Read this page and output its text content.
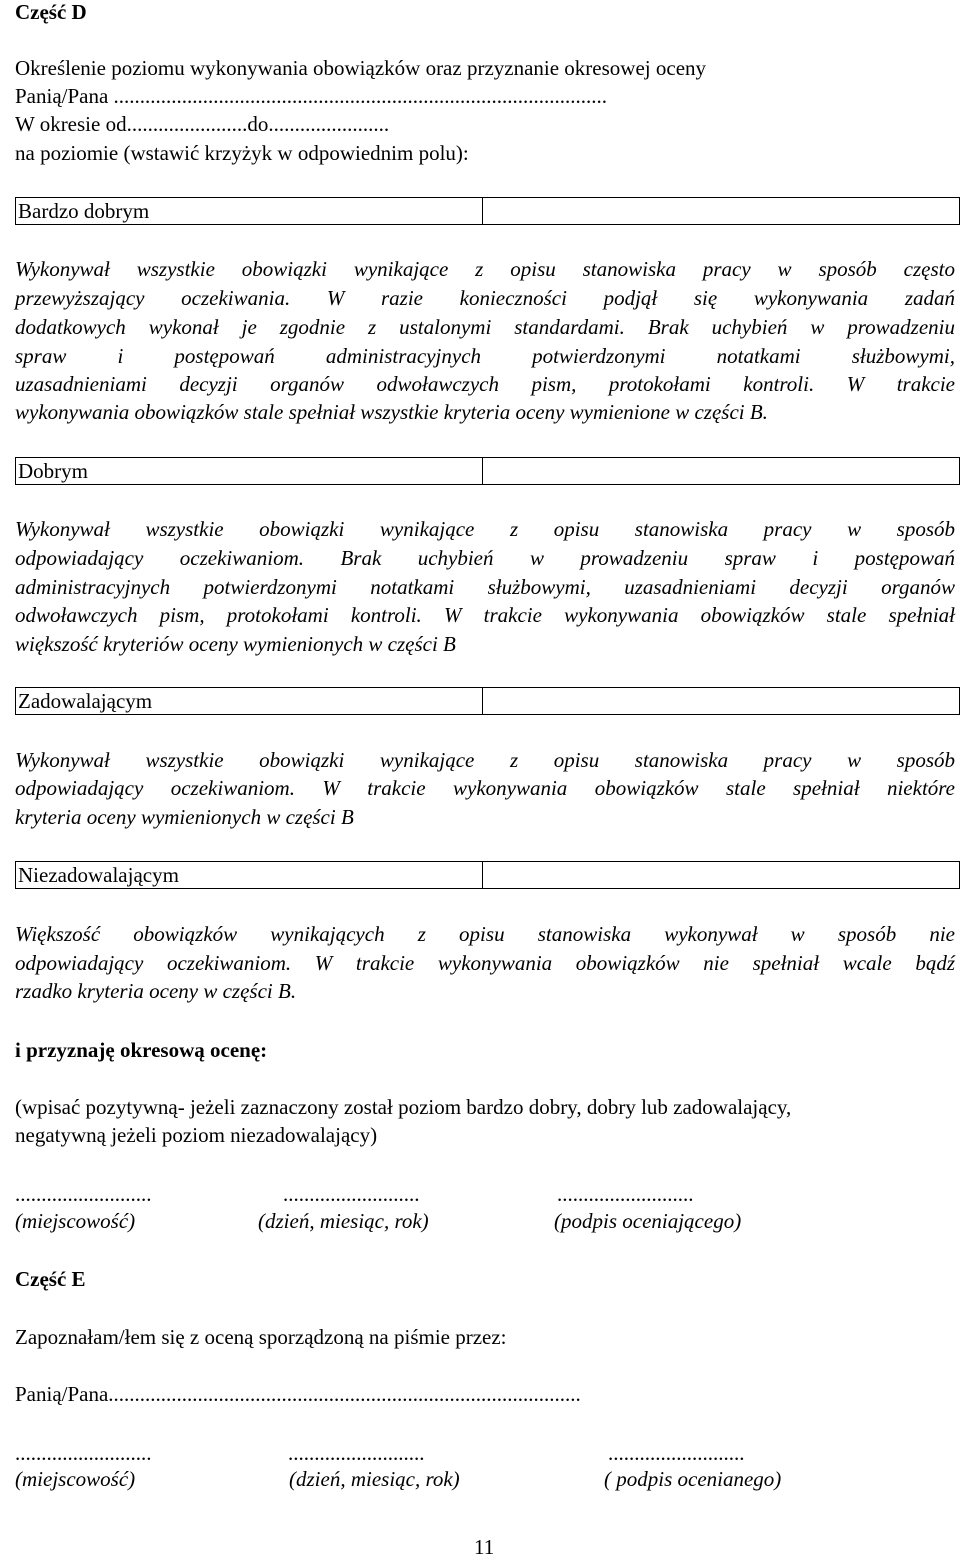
Część D
Określenie poziomu wykonywania obowiązków oraz przyznanie okresowej oceny
Panią/Pana ..............................................................................................
W okresie od.......................do.......................
na poziomie (wstawić krzyżyk w odpowiednim polu):
Bardzo dobrym
Wykonywał wszystkie obowiązki wynikające z opisu stanowiska pracy w sposób często
przewyższający oczekiwania. W razie konieczności podjął się wykonywania zadań
dodatkowych wykonał je zgodnie z ustalonymi standardami. Brak uchybień w prowadzeniu
spraw i postępowań administracyjnych potwierdzonymi notatkami służbowymi,
uzasadnieniami decyzji organów odwoławczych pism, protokołami kontroli. W trakcie
wykonywania obowiązków stale spełniał wszystkie kryteria oceny wymienione w części B.
Dobrym
Wykonywał wszystkie obowiązki wynikające z opisu stanowiska pracy w sposób
odpowiadający oczekiwaniom. Brak uchybień w prowadzeniu spraw i postępowań
administracyjnych potwierdzonymi notatkami służbowymi, uzasadnieniami decyzji organów
odwoławczych pism, protokołami kontroli. W trakcie wykonywania obowiązków stale spełniał
większość kryteriów oceny wymienionych w części B
Zadowalającym
Wykonywał wszystkie obowiązki wynikające z opisu stanowiska pracy w sposób
odpowiadający oczekiwaniom. W trakcie wykonywania obowiązków stale spełniał niektóre
kryteria oceny wymienionych w części B
Niezadowalającym
Większość obowiązków wynikających z opisu stanowiska wykonywał w sposób nie
odpowiadający oczekiwaniom. W trakcie wykonywania obowiązków nie spełniał wcale bądź
rzadko kryteria oceny w części B.
i przyznaję okresową ocenę:
(wpisać pozytywną- jeżeli zaznaczony został poziom bardzo dobry, dobry lub zadowalający,
negatywną jeżeli poziom niezadowalający)
..........................	..........................	..........................
(miejscowość)	(dzień, miesiąc, rok)	(podpis oceniającego)
Część E
Zapoznałam/łem się z oceną sporządzoną na piśmie przez:
Panią/Pana..........................................................................................
..........................	..........................	..........................
(miejscowość)	(dzień, miesiąc, rok)	( podpis ocenianego)
11
